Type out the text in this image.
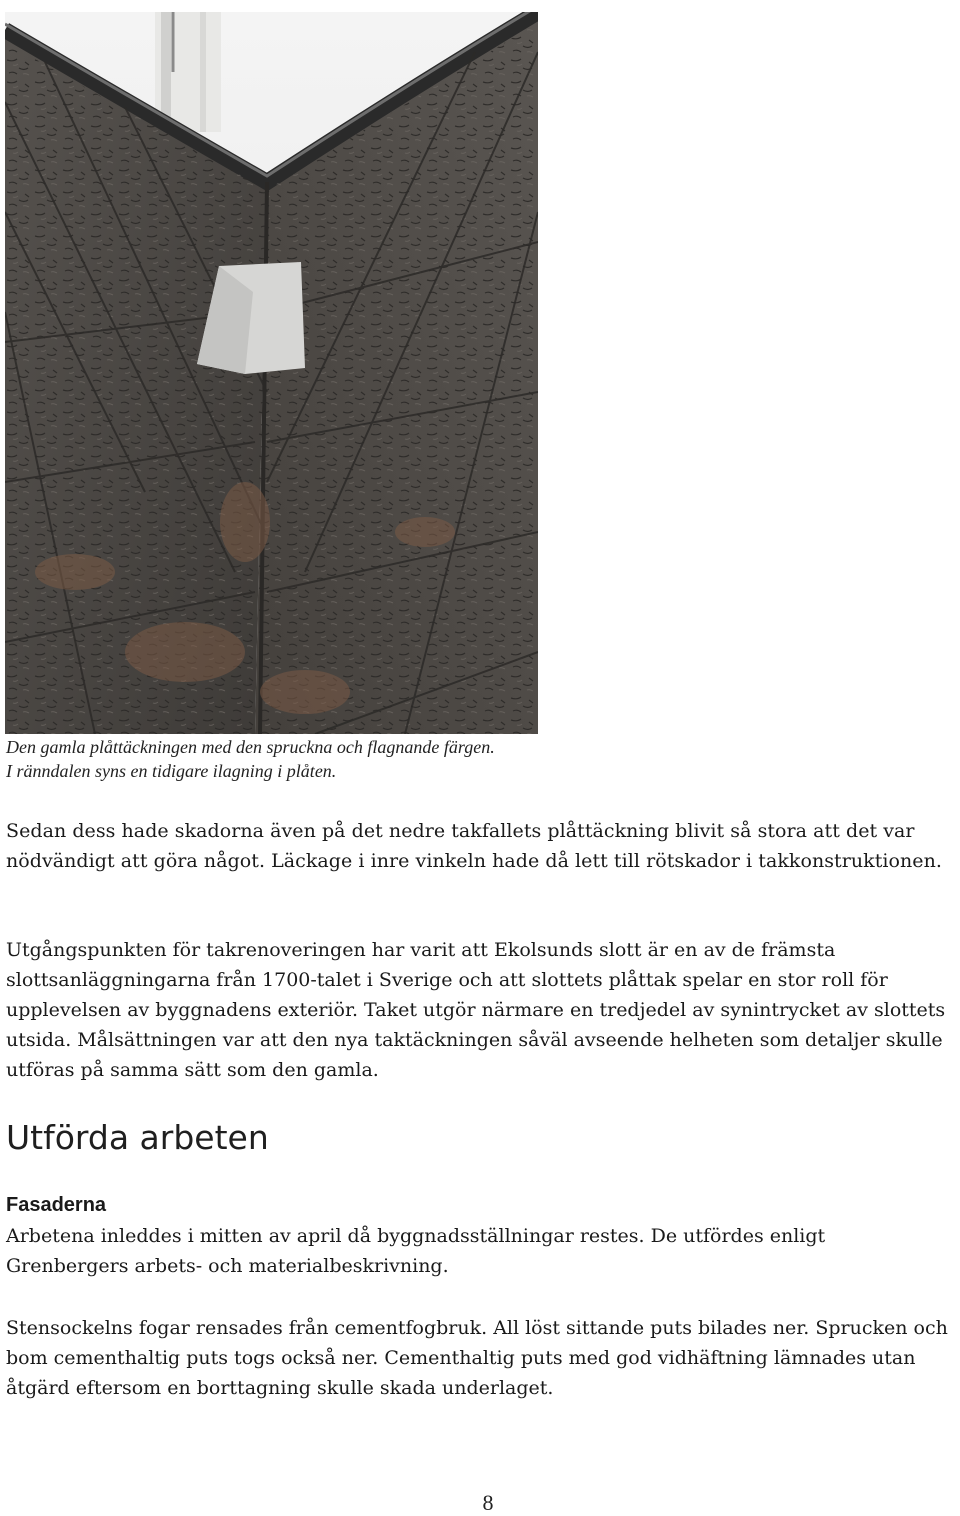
Den gamla plåttäckningen med den spruckna och flagnande färgen.
I ränndalen syns en tidigare ilagning i plåten.

Sedan dess hade skadorna även på det nedre takfallets plåttäckning blivit så stora att det var nödvändigt att göra något. Läckage i inre vinkeln hade då lett till rötskador i takkonstruktionen.

Utgångspunkten för takrenoveringen har varit att Ekolsunds slott är en av de främsta slottsanläggningarna från 1700-talet i Sverige och att slottets plåttak spelar en stor roll för upplevelsen av byggnadens exteriör. Taket utgör närmare en tredjedel av synintrycket av slottets utsida. Målsättningen var att den nya taktäckningen såväl avseende helheten som detaljer skulle utföras på samma sätt som den gamla.

Utförda arbeten
Fasaderna

Arbetena inleddes i mitten av april då byggnadsställningar restes. De utfördes enligt Grenbergers arbets- och materialbeskrivning.

Stensockelns fogar rensades från cementfogbruk. All löst sittande puts bilades ner. Sprucken och bom cementhaltig puts togs också ner. Cementhaltig puts med god vidhäftning lämnades utan åtgärd eftersom en borttagning skulle skada underlaget.

8
